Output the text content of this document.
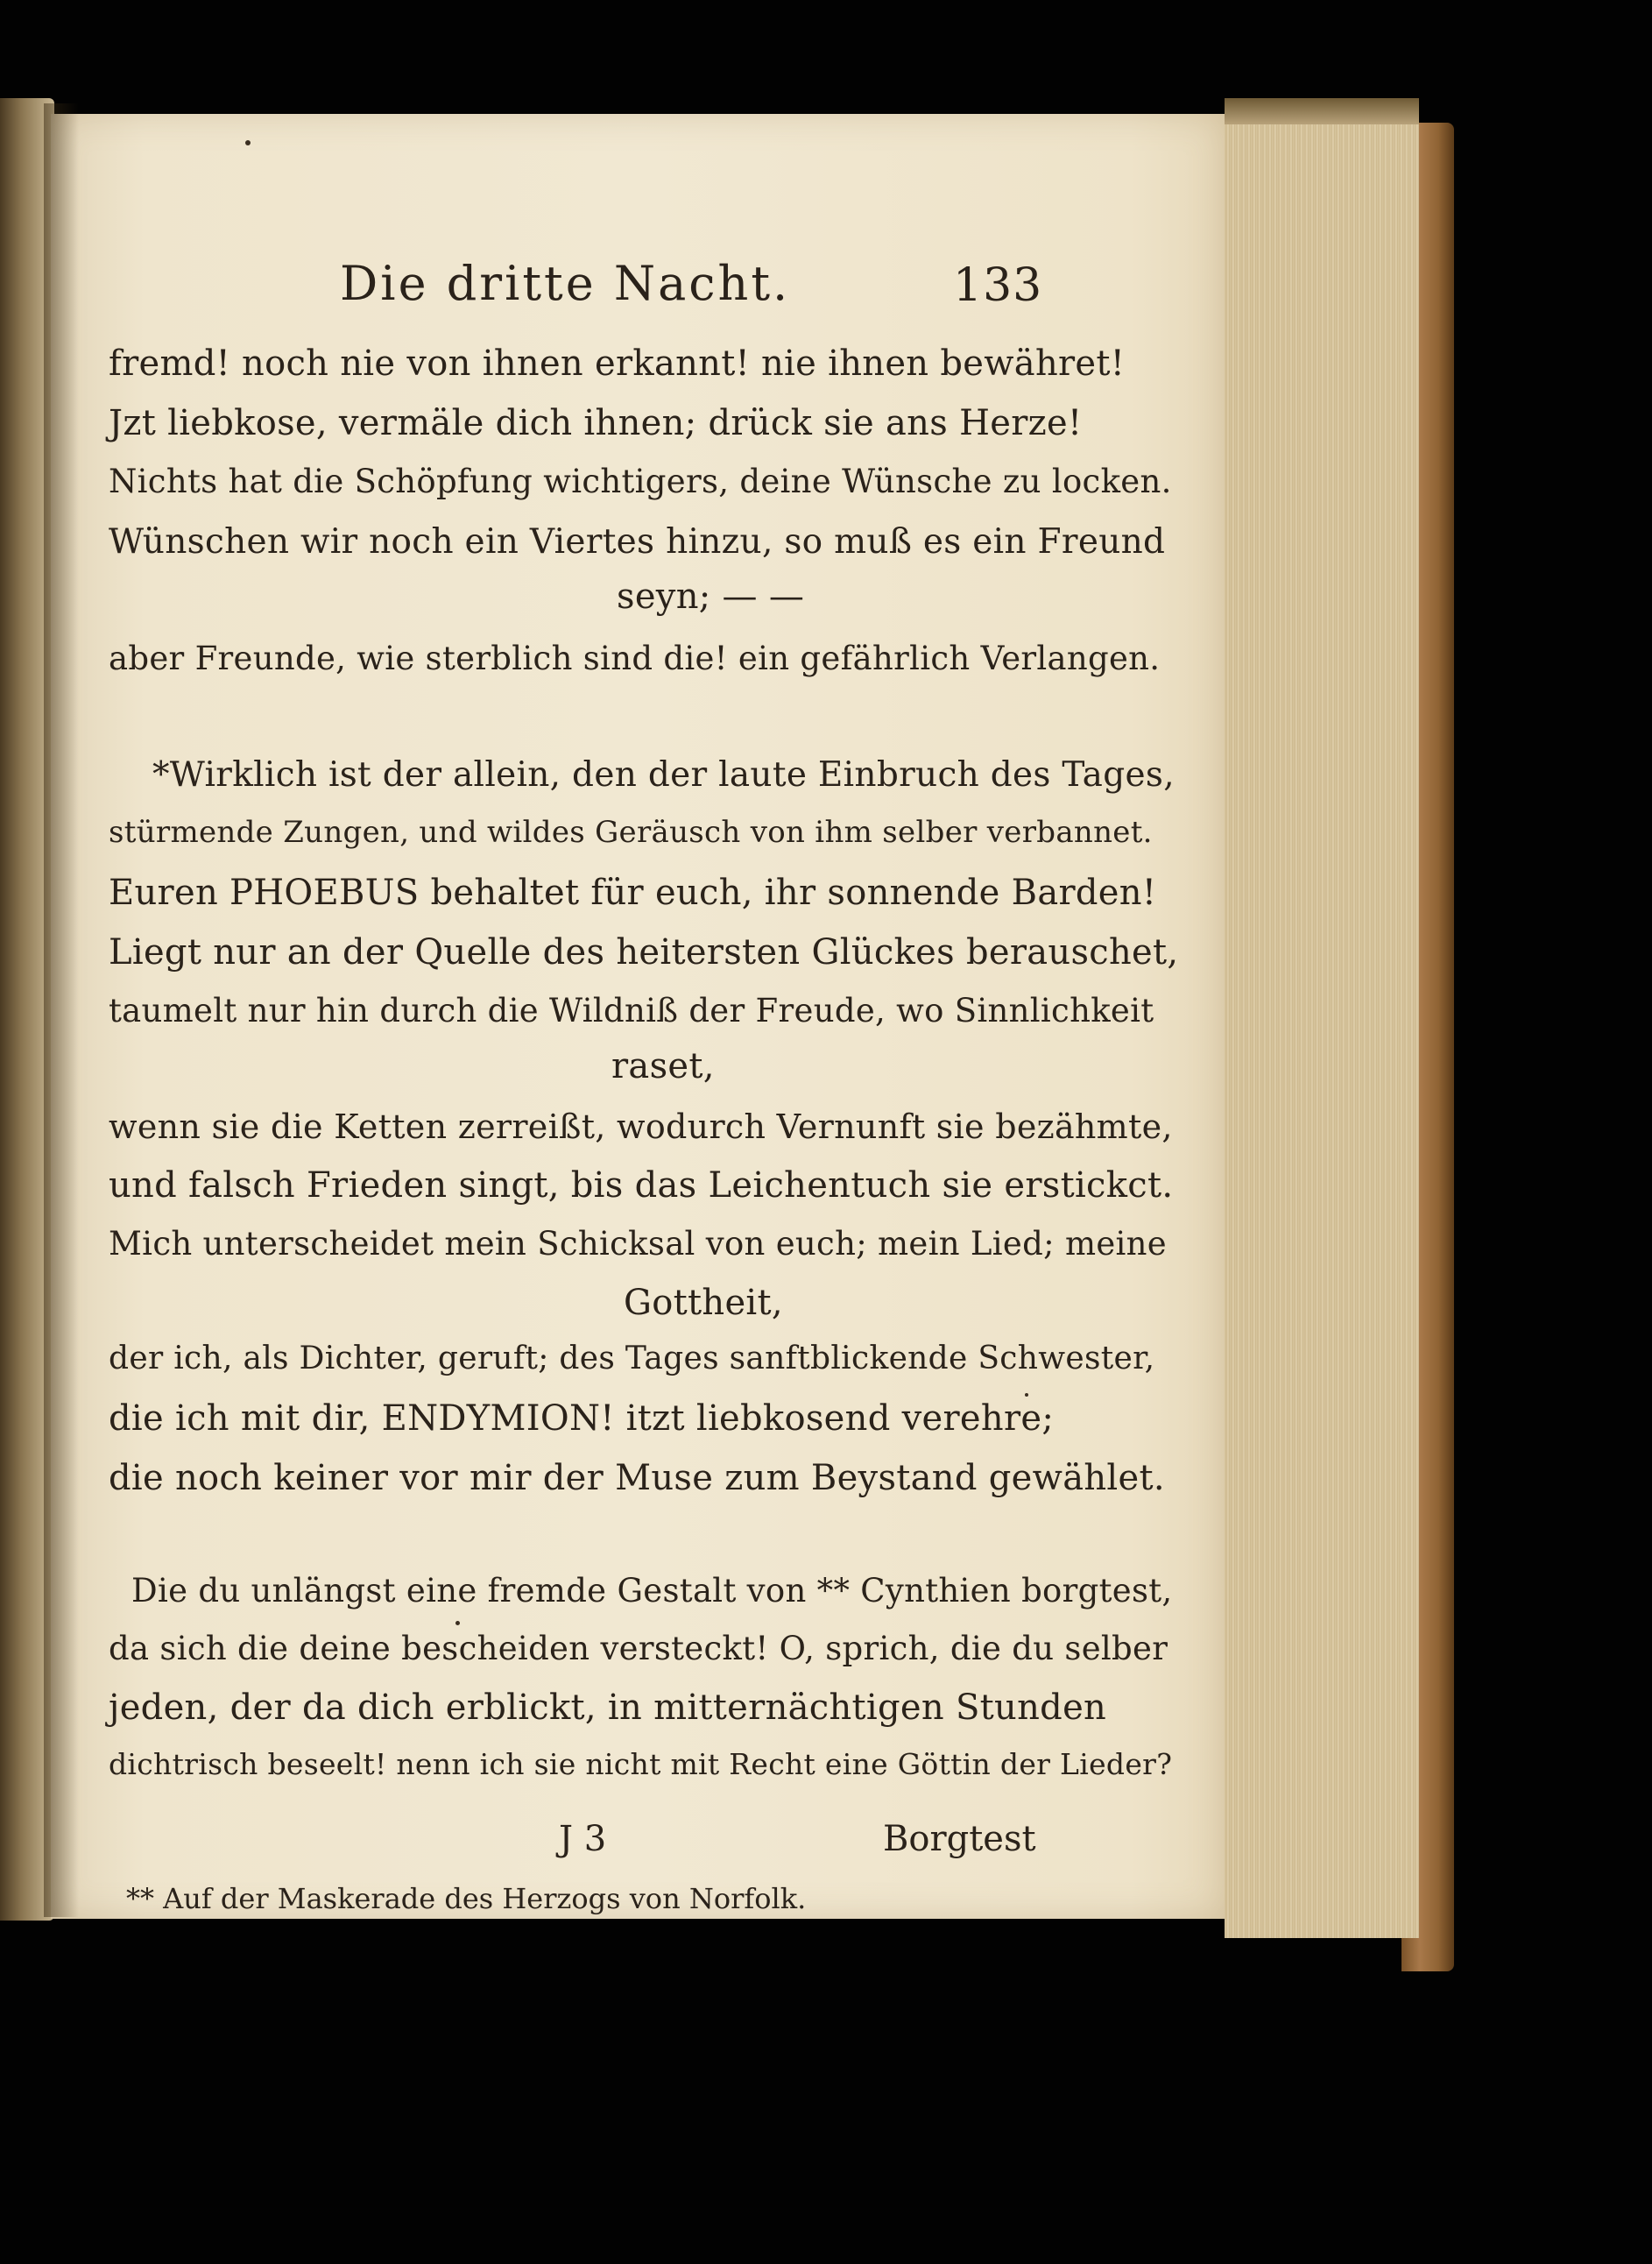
Die dritte Nacht.	133
fremd! noch nie von ihnen erkannt! nie ihnen bewähret!
Jzt liebkose, vermäle dich ihnen; drück sie ans Herze!
Nichts hat die Schöpfung wichtigers, deine Wünsche zu locken.
Wünschen wir noch ein Viertes hinzu, so muß es ein Freund
seyn; — —
aber Freunde, wie sterblich sind die! ein gefährlich Verlangen.
*Wirklich ist der allein, den der laute Einbruch des Tages,
stürmende Zungen, und wildes Geräusch von ihm selber verbannet.
Euren PHOEBUS behaltet für euch, ihr sonnende Barden!
Liegt nur an der Quelle des heitersten Glückes berauschet,
taumelt nur hin durch die Wildniß der Freude, wo Sinnlichkeit
raset,
wenn sie die Ketten zerreißt, wodurch Vernunft sie bezähmte,
und falsch Frieden singt, bis das Leichentuch sie erstickct.
Mich unterscheidet mein Schicksal von euch; mein Lied; meine
Gottheit,
der ich, als Dichter, geruft; des Tages sanftblickende Schwester,
die ich mit dir, ENDYMION! itzt liebkosend verehre;
die noch keiner vor mir der Muse zum Beystand gewählet.
Die du unlängst eine fremde Gestalt von ** Cynthien borgtest,
da sich die deine bescheiden versteckt! O, sprich, die du selber
jeden, der da dich erblickt, in mitternächtigen Stunden
dichtrisch beseelt! nenn ich sie nicht mit Recht eine Göttin der Lieder?
J 3	Borgtest
** Auf der Maskerade des Herzogs von Norfolk.
